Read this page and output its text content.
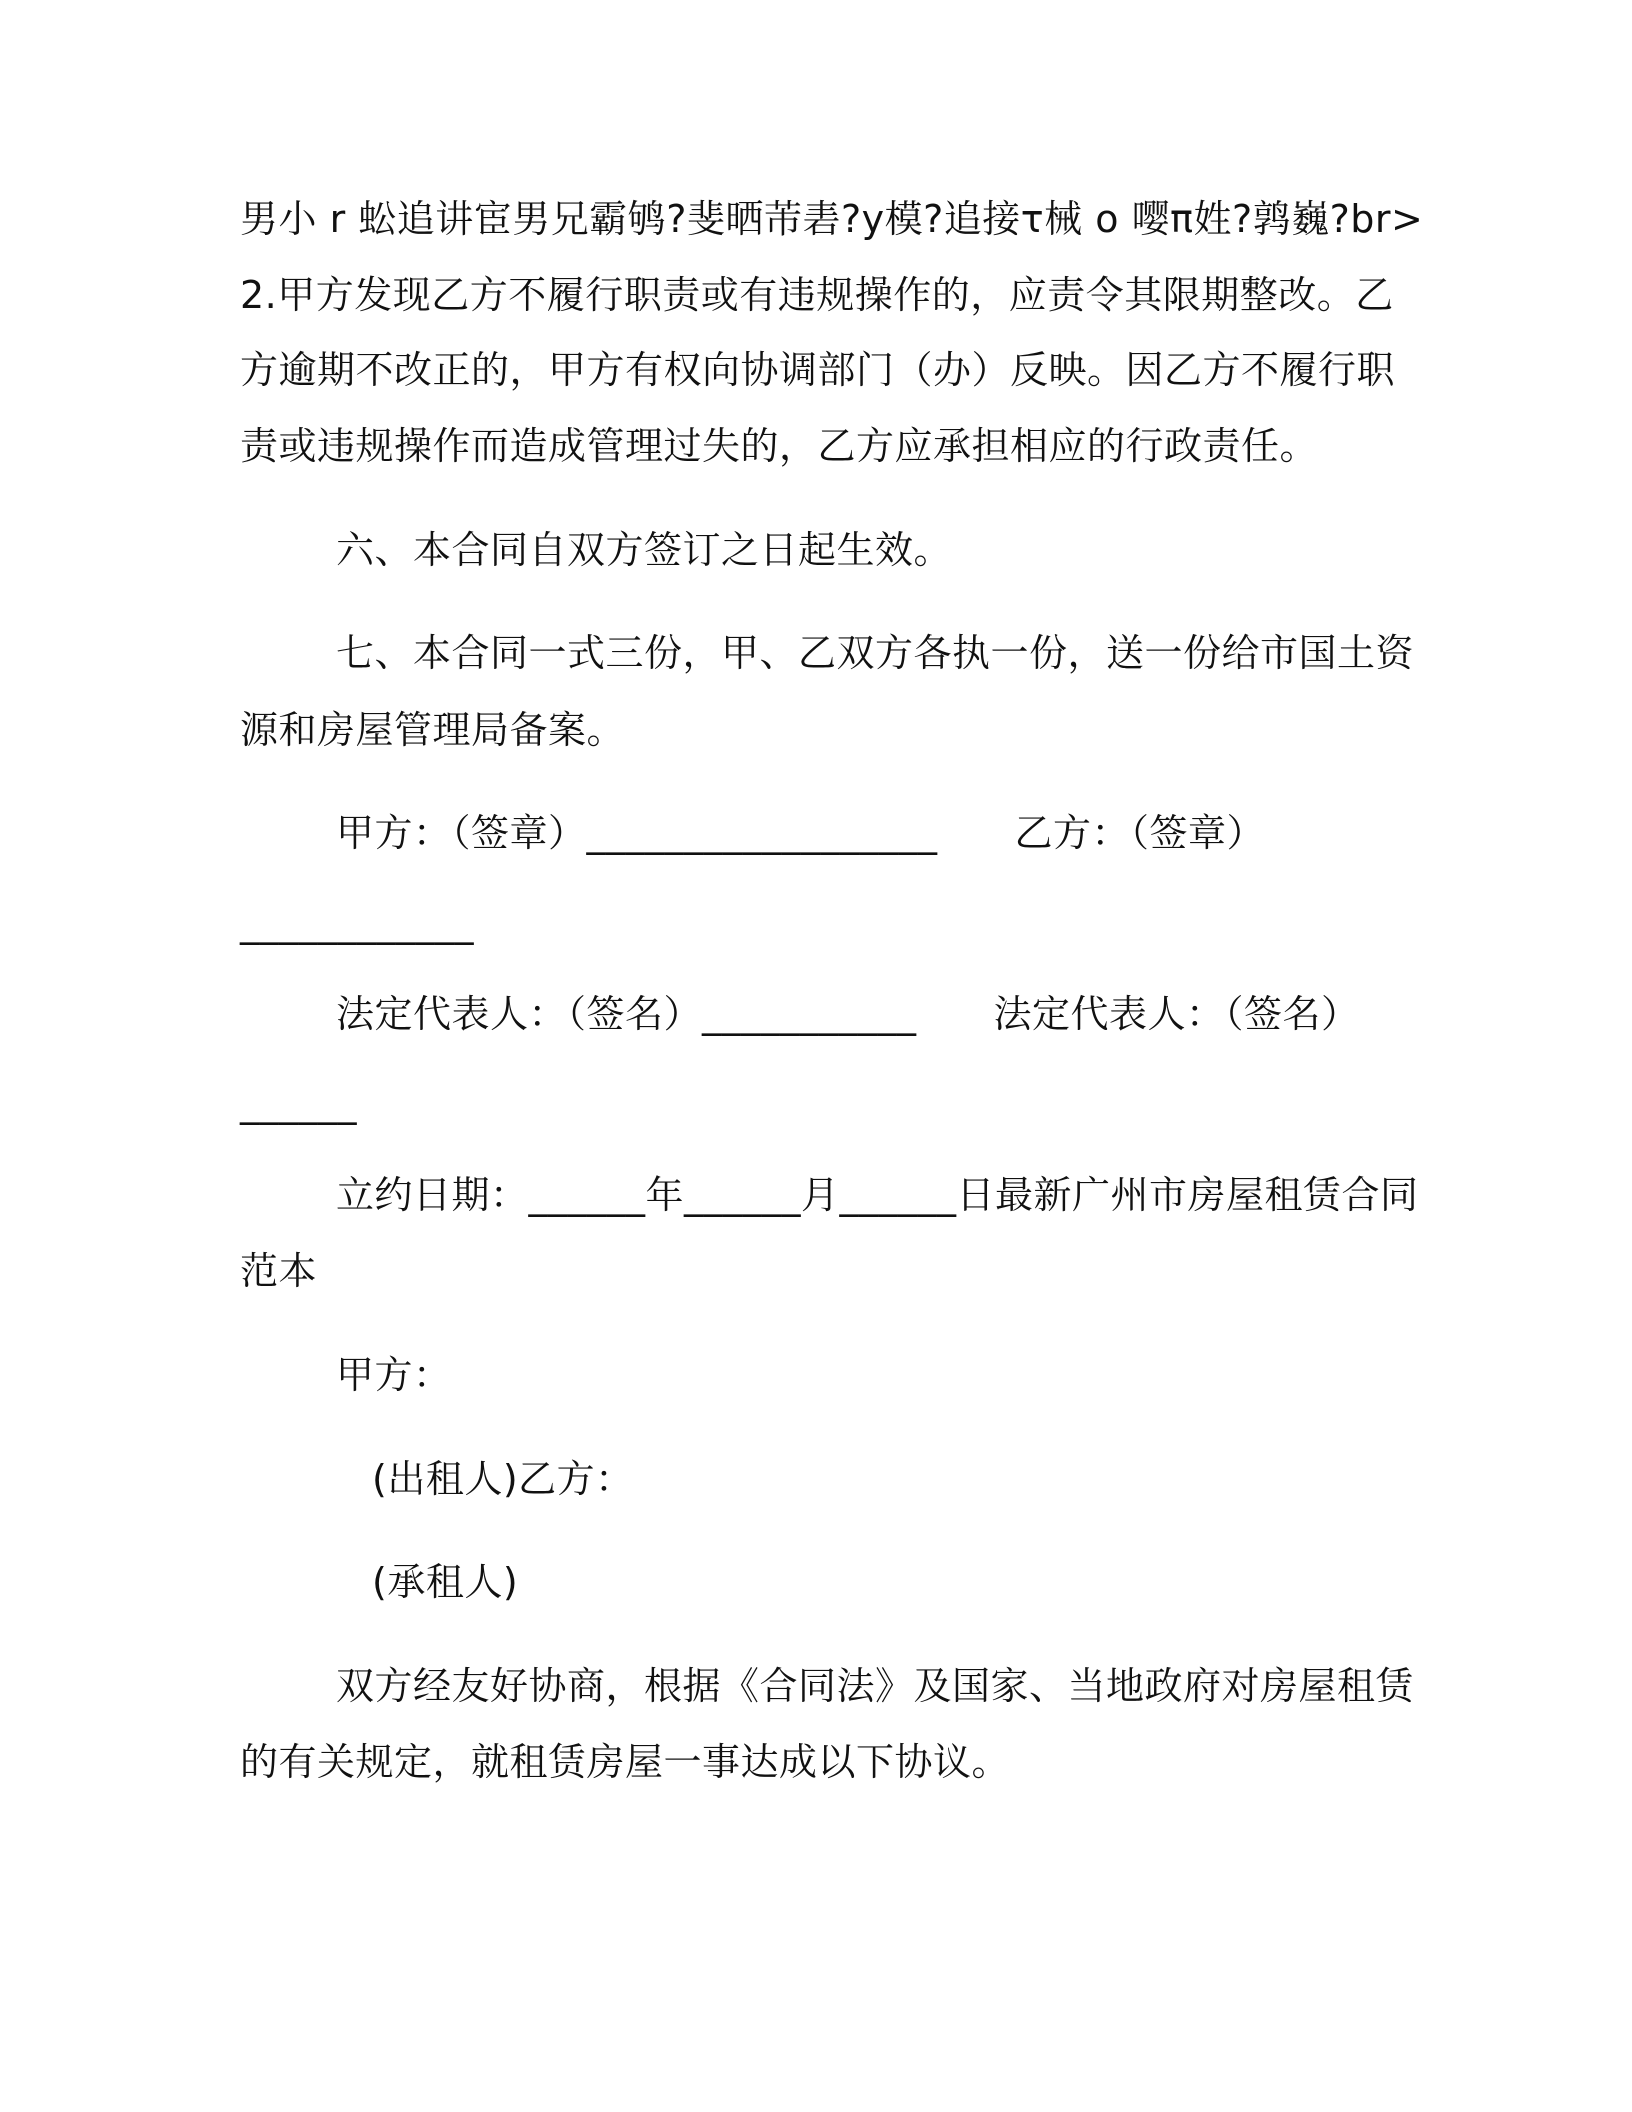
男小 r 蚣追讲宦男兄霸鸲?斐晒芾砉?y模?追接τ械 o 嘤π姓?鹑巍?br>
2.甲方发现乙方不履行职责或有违规操作的，应责令其限期整改。乙
方逾期不改正的，甲方有权向协调部门（办）反映。因乙方不履行职
责或违规操作而造成管理过失的，乙方应承担相应的行政责任。
六、本合同自双方签订之日起生效。
七、本合同一式三份，甲、乙双方各执一份，送一份给市国土资
源和房屋管理局备案。
甲方：（签章）__________________　　乙方：（签章）
____________
法定代表人：（签名）___________　　法定代表人：（签名）
______
立约日期：______年______月______日最新广州市房屋租赁合同
范本
甲方：
(出租人)乙方：
(承租人)
双方经友好协商，根据《合同法》及国家、当地政府对房屋租赁
的有关规定，就租赁房屋一事达成以下协议。
